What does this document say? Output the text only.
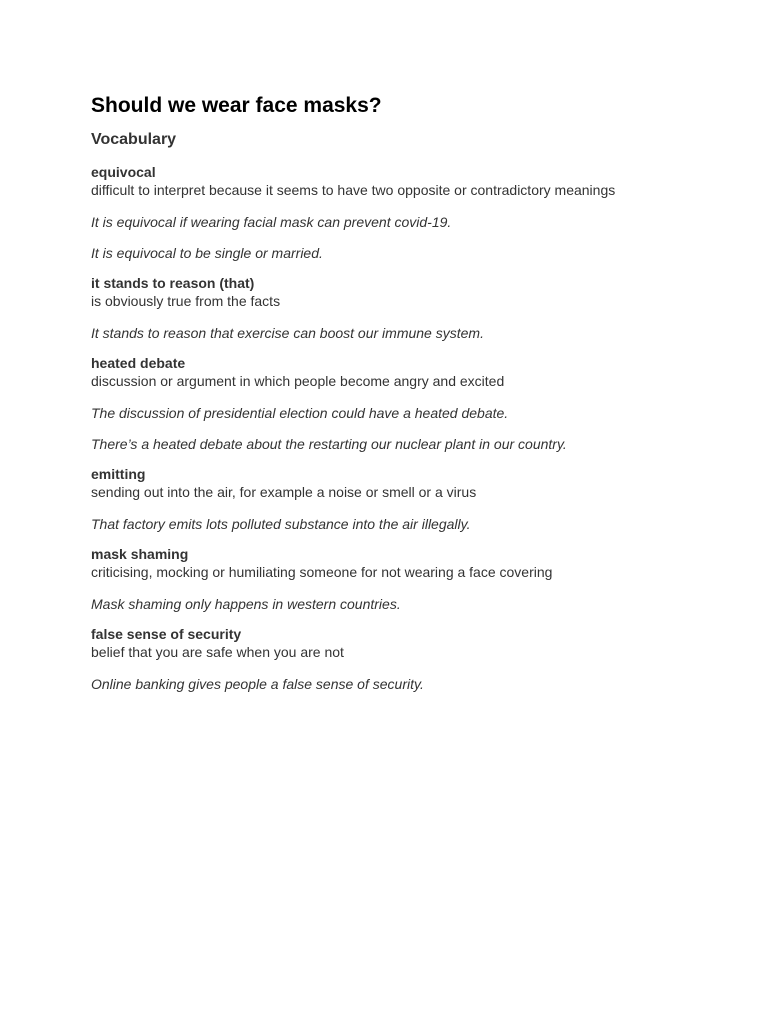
Should we wear face masks?
Vocabulary
equivocal
difficult to interpret because it seems to have two opposite or contradictory meanings

It is equivocal if wearing facial mask can prevent covid-19.

It is equivocal to be single or married.

it stands to reason (that)
is obviously true from the facts

It stands to reason that exercise can boost our immune system.

heated debate
discussion or argument in which people become angry and excited

The discussion of presidential election could have a heated debate.

There’s a heated debate about the restarting our nuclear plant in our country.

emitting
sending out into the air, for example a noise or smell or a virus

That factory emits lots polluted substance into the air illegally.

mask shaming
criticising, mocking or humiliating someone for not wearing a face covering

Mask shaming only happens in western countries.

false sense of security
belief that you are safe when you are not

Online banking gives people a false sense of security.
